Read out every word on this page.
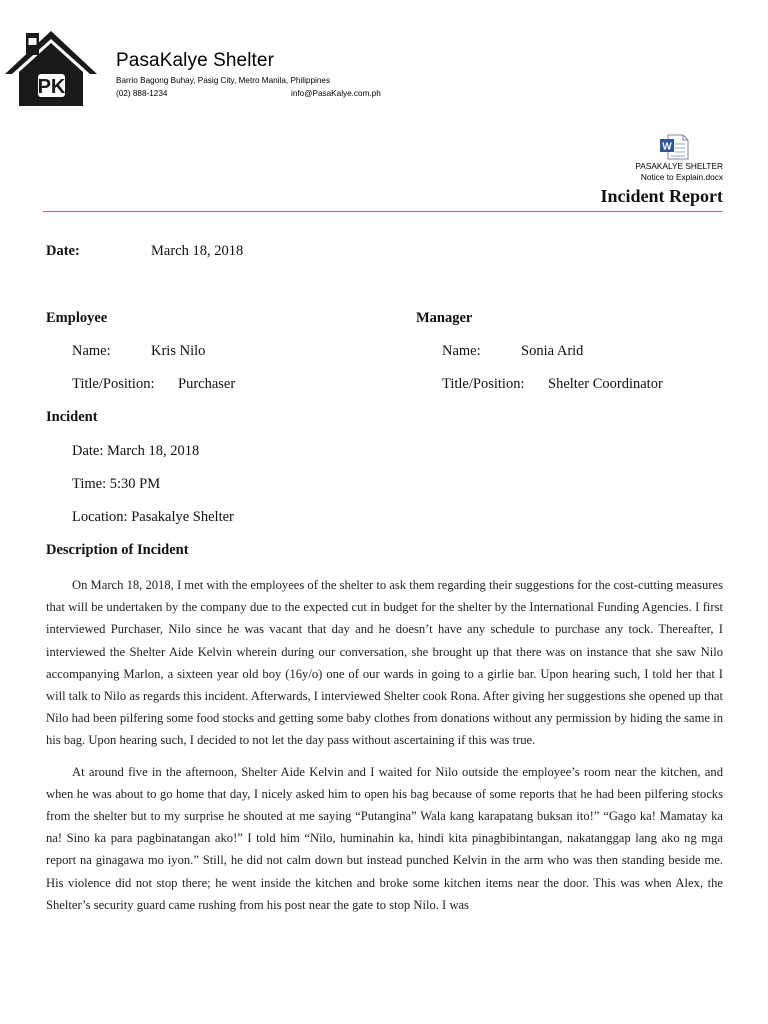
PK
PasaKalye Shelter
Barrio Bagong Buhay, Pasig City, Metro Manila, Philippines
(02) 888-1234	info@PasaKalye.com.ph
W
PASAKALYE SHELTER
Notice to Explain.docx
Incident Report
Date:	March 18, 2018
Employee
Name:	Kris Nilo
Title/Position: Purchaser
Manager
Name:	Sonia Arid
Title/Position: Shelter Coordinator
Incident
Date: March 18, 2018
Time: 5:30 PM
Location: Pasakalye Shelter
Description of Incident

On March 18, 2018, I met with the employees of the shelter to ask them regarding their suggestions for the cost-cutting measures that will be undertaken by the company due to the expected cut in budget for the shelter by the International Funding Agencies. I first interviewed Purchaser, Nilo since he was vacant that day and he doesn’t have any schedule to purchase any tock. Thereafter, I interviewed the Shelter Aide Kelvin wherein during our conversation, she brought up that there was on instance that she saw Nilo accompanying Marlon, a sixteen year old boy (16y/o) one of our wards in going to a girlie bar. Upon hearing such, I told her that I will talk to Nilo as regards this incident. Afterwards, I interviewed Shelter cook Rona. After giving her suggestions she opened up that Nilo had been pilfering some food stocks and getting some baby clothes from donations without any permission by hiding the same in his bag. Upon hearing such, I decided to not let the day pass without ascertaining if this was true.

At around five in the afternoon, Shelter Aide Kelvin and I waited for Nilo outside the employee’s room near the kitchen, and when he was about to go home that day, I nicely asked him to open his bag because of some reports that he had been pilfering stocks from the shelter but to my surprise he shouted at me saying “Putangina” Wala kang karapatang buksan ito!” “Gago ka! Mamatay ka na! Sino ka para pagbinatangan ako!” I told him “Nilo, huminahin ka, hindi kita pinagbibintangan, nakatanggap lang ako ng mga report na ginagawa mo iyon.” Still, he did not calm down but instead punched Kelvin in the arm who was then standing beside me. His violence did not stop there; he went inside the kitchen and broke some kitchen items near the door. This was when Alex, the Shelter’s security guard came rushing from his post near the gate to stop Nilo. I was
